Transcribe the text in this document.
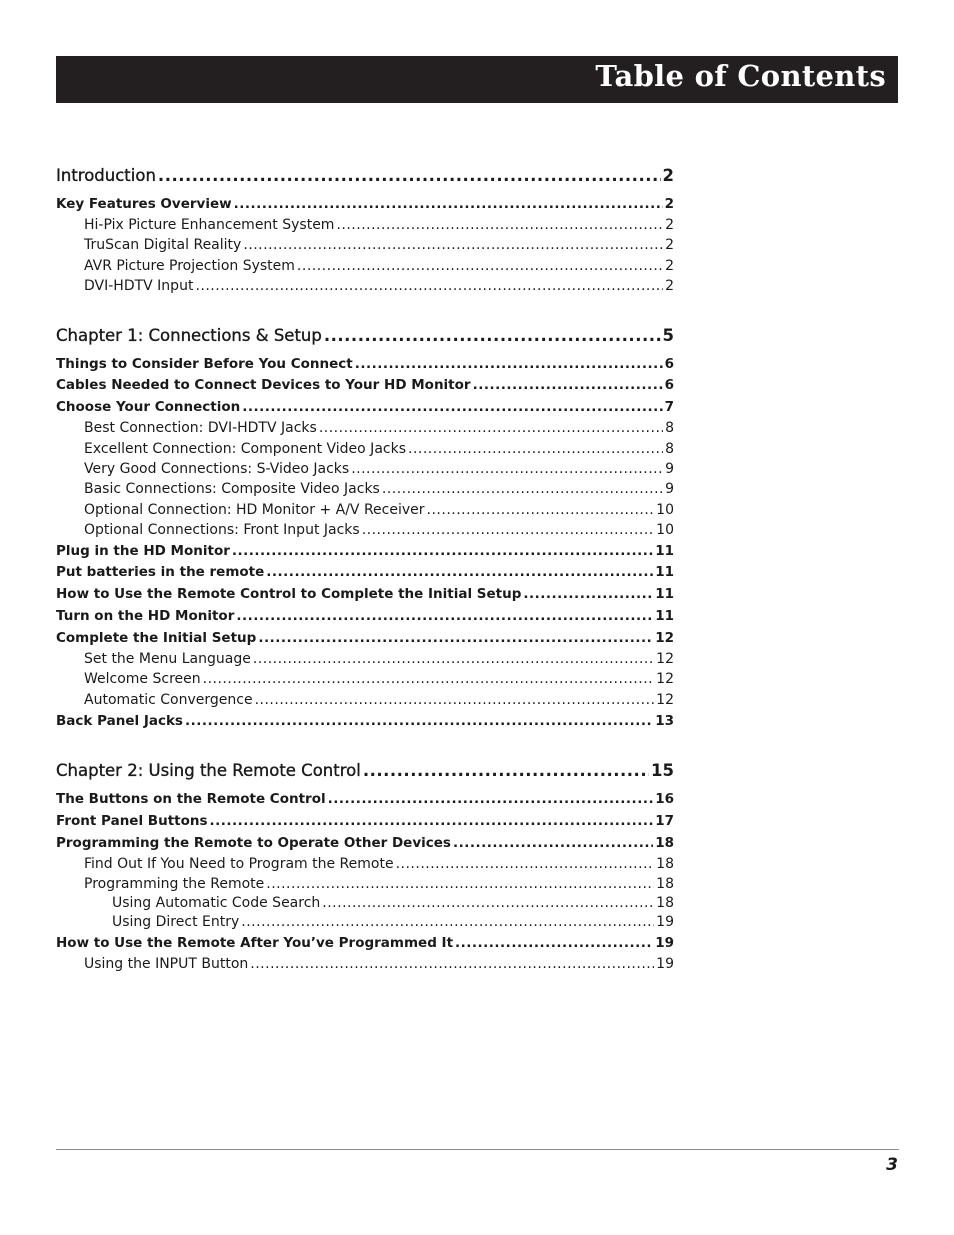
Table of Contents
Introduction .....	2
Key Features Overview .....	2
Hi-Pix Picture Enhancement System .....	2
TruScan Digital Reality .....	2
AVR Picture Projection System .....	2
DVI-HDTV Input .....	2
Chapter 1: Connections & Setup .....	5
Things to Consider Before You Connect .....	6
Cables Needed to Connect Devices to Your HD Monitor .....	6
Choose Your Connection .....	7
Best Connection: DVI-HDTV Jacks .....	8
Excellent Connection: Component Video Jacks .....	8
Very Good Connections: S-Video Jacks .....	9
Basic Connections: Composite Video Jacks .....	9
Optional Connection: HD Monitor + A/V Receiver .....	10
Optional Connections: Front Input Jacks .....	10
Plug in the HD Monitor .....	11
Put batteries in the remote .....	11
How to Use the Remote Control to Complete the Initial Setup .....	11
Turn on the HD Monitor .....	11
Complete the Initial Setup .....	12
Set the Menu Language .....	12
Welcome Screen .....	12
Automatic Convergence .....	12
Back Panel Jacks .....	13
Chapter 2: Using the Remote Control .....	15
The Buttons on the Remote Control .....	16
Front Panel Buttons .....	17
Programming the Remote to Operate Other Devices .....	18
Find Out If You Need to Program the Remote .....	18
Programming the Remote .....	18
Using Automatic Code Search .....	18
Using Direct Entry .....	19
How to Use the Remote After You’ve Programmed It .....	19
Using the INPUT Button .....	19
3
